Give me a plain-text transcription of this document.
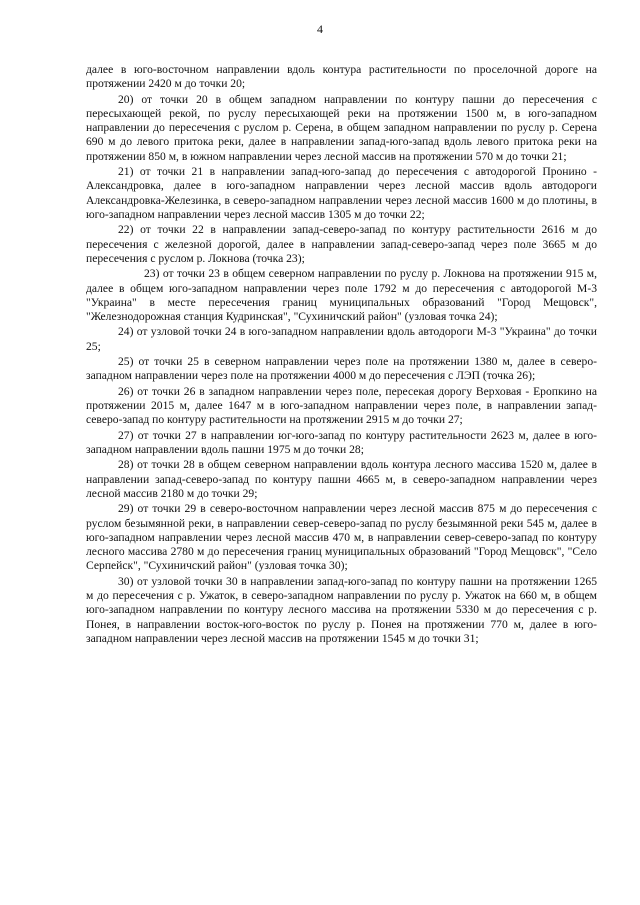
4

далее в юго-восточном направлении вдоль контура растительности по проселочной дороге на протяжении 2420 м до точки 20;

20) от точки 20 в общем западном направлении по контуру пашни до пересечения с пересыхающей рекой, по руслу пересыхающей реки на протяжении 1500 м, в юго-западном направлении до пересечения с руслом р. Серена, в общем западном направлении по руслу р. Серена 690 м до левого притока реки, далее в направлении запад-юго-запад вдоль левого притока реки на протяжении 850 м, в южном направлении через лесной массив на протяжении 570 м до точки 21;

21) от точки 21 в направлении запад-юго-запад до пересечения с автодорогой Пронино - Александровка, далее в юго-западном направлении через лесной массив вдоль автодороги Александровка-Железинка, в северо-западном направлении через лесной массив 1600 м до плотины, в юго-западном направлении через лесной массив 1305 м до точки 22;

22) от точки 22 в направлении запад-северо-запад по контуру растительности 2616 м до пересечения с железной дорогой, далее в направлении запад-северо-запад через поле 3665 м до пересечения с руслом р. Локнова (точка 23);

23) от точки 23 в общем северном направлении по руслу р. Локнова на протяжении 915 м, далее в общем юго-западном направлении через поле 1792 м до пересечения с автодорогой М-3 "Украина" в месте пересечения границ муниципальных образований "Город Мещовск", "Железнодорожная станция Кудринская", "Сухиничский район" (узловая точка 24);

24) от узловой точки 24 в юго-западном направлении вдоль автодороги М-3 "Украина" до точки 25;

25) от точки 25 в северном направлении через поле на протяжении 1380 м, далее в северо-западном направлении через поле на протяжении 4000 м до пересечения с ЛЭП (точка 26);

26) от точки 26 в западном направлении через поле, пересекая дорогу Верховая - Еропкино на протяжении 2015 м, далее 1647 м в юго-западном направлении через поле, в направлении запад-северо-запад по контуру растительности на протяжении 2915 м до точки 27;

27) от точки 27 в направлении юг-юго-запад по контуру растительности 2623 м, далее в юго-западном направлении вдоль пашни 1975 м до точки 28;

28) от точки 28 в общем северном направлении вдоль контура лесного массива 1520 м, далее в направлении запад-северо-запад по контуру пашни 4665 м, в северо-западном направлении через лесной массив 2180 м до точки 29;

29) от точки 29 в северо-восточном направлении через лесной массив 875 м до пересечения с руслом безымянной реки, в направлении север-северо-запад по руслу безымянной реки 545 м, далее в юго-западном направлении через лесной массив 470 м, в направлении север-северо-запад по контуру лесного массива 2780 м до пересечения границ муниципальных образований "Город Мещовск", "Село Серпейск", "Сухиничский район" (узловая точка 30);

30) от узловой точки 30 в направлении запад-юго-запад по контуру пашни на протяжении 1265 м до пересечения с р. Ужаток, в северо-западном направлении по руслу р. Ужаток на 660 м, в общем юго-западном направлении по контуру лесного массива на протяжении 5330 м до пересечения с р. Понея, в направлении восток-юго-восток по руслу р. Понея на протяжении 770 м, далее в юго-западном направлении через лесной массив на протяжении 1545 м до точки 31;
